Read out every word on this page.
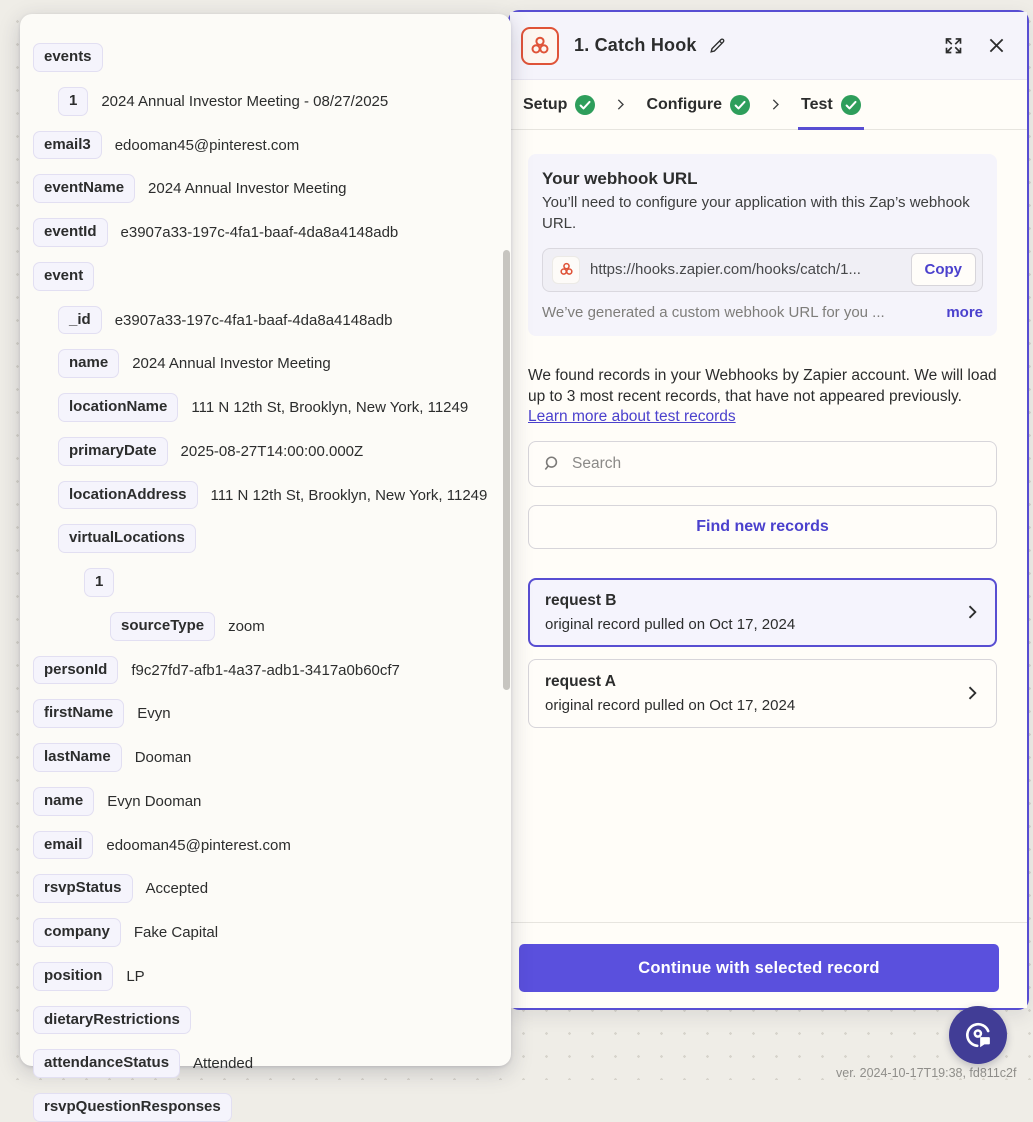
events
1	2024 Annual Investor Meeting - 08/27/2025
email3	edooman45@pinterest.com
eventName	2024 Annual Investor Meeting
eventId	e3907a33-197c-4fa1-baaf-4da8a4148adb
event
_id	e3907a33-197c-4fa1-baaf-4da8a4148adb
name	2024 Annual Investor Meeting
locationName	111 N 12th St, Brooklyn, New York, 11249
primaryDate	2025-08-27T14:00:00.000Z
locationAddress	111 N 12th St, Brooklyn, New York, 11249
virtualLocations
1
sourceType	zoom
personId	f9c27fd7-afb1-4a37-adb1-3417a0b60cf7
firstName	Evyn
lastName	Dooman
name	Evyn Dooman
email	edooman45@pinterest.com
rsvpStatus	Accepted
company	Fake Capital
position	LP
dietaryRestrictions
attendanceStatus	Attended
rsvpQuestionResponses
1. Catch Hook
Setup	Configure	Test
Your webhook URL

You’ll need to configure your application with this Zap’s webhook URL.

https://hooks.zapier.com/hooks/catch/1...	Copy
We’ve generated a custom webhook URL for you ...	more

We found records in your Webhooks by Zapier account. We will load up to 3 most recent records, that have not appeared previously.

Learn more about test records
Search
Find new records
request B
original record pulled on Oct 17, 2024
request A
original record pulled on Oct 17, 2024
Continue with selected record
ver. 2024-10-17T19:38, fd811c2f
